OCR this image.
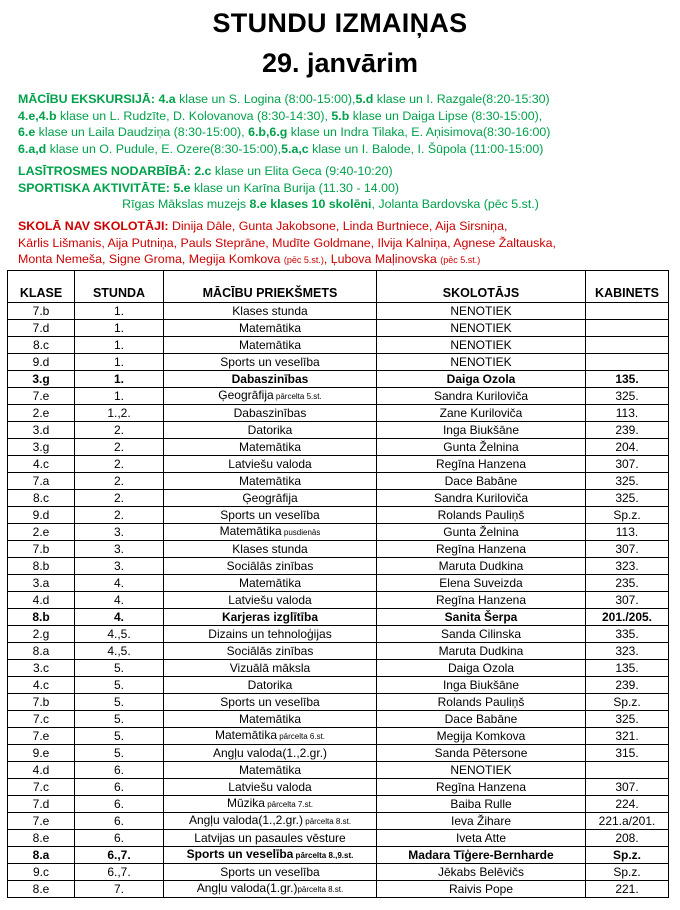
STUNDU IZMAIŅAS
29. janvārim

MĀCĪBU EKSKURSIJĀ: 4.a klase un S. Logina (8:00-15:00),5.d klase un I. Razgale(8:20-15:30)

4.e,4.b klase un L. Rudzīte, D. Kolovanova (8:30-14:30), 5.b klase un Daiga Lipse (8:30-15:00),

6.e klase un Laila Daudziņa (8:30-15:00), 6.b,6.g klase un Indra Tilaka, E. Aņisimova(8:30-16:00)

6.a,d klase un O. Pudule, E. Ozere(8:30-15:00),5.a,c klase un I. Balode, I. Šūpola (11:00-15:00)

LASĪTROSMES NODARBĪBĀ: 2.c klase un Elita Geca (9:40-10:20)

SPORTISKA AKTIVITĀTE: 5.e klase un Karīna Burija (11.30 - 14.00)

Rīgas Mākslas muzejs 8.e klases 10 skolēni, Jolanta Bardovska (pēc 5.st.)

SKOLĀ NAV SKOLOTĀJI: Dinija Dāle, Gunta Jakobsone, Linda Burtniece, Aija Sirsniņa,

Kārlis Lišmanis, Aija Putniņa, Pauls Steprāne, Mudīte Goldmane, Ilvija Kalniņa, Agnese Žaltauska,

Monta Nemeša, Signe Groma, Megija Komkova (pēc 5.st.), Ļubova Maļinovska (pēc 5.st.)

KLASE	STUNDA	MĀCĪBU PRIEKŠMETS	SKOLOTĀJS	KABINETS
7.b	1.	Klases stunda	NENOTIEK	
7.d	1.	Matemātika	NENOTIEK	
8.c	1.	Matemātika	NENOTIEK	
9.d	1.	Sports un veselība	NENOTIEK	
3.g	1.	Dabaszinības	Daiga Ozola	135.
7.e	1.	Ģeogrāfija pārcelta 5.st.	Sandra Kuriloviča	325.
2.e	1.,2.	Dabaszinības	Zane Kuriloviča	113.
3.d	2.	Datorika	Inga Biukšāne	239.
3.g	2.	Matemātika	Gunta Želnina	204.
4.c	2.	Latviešu valoda	Regīna Hanzena	307.
7.a	2.	Matemātika	Dace Babāne	325.
8.c	2.	Ģeogrāfija	Sandra Kuriloviča	325.
9.d	2.	Sports un veselība	Rolands Pauliņš	Sp.z.
2.e	3.	Matemātika pusdienās	Gunta Želnina	113.
7.b	3.	Klases stunda	Regīna Hanzena	307.
8.b	3.	Sociālās zinības	Maruta Dudkina	323.
3.a	4.	Matemātika	Elena Suveizda	235.
4.d	4.	Latviešu valoda	Regīna Hanzena	307.
8.b	4.	Karjeras izglītība	Sanita Šerpa	201./205.
2.g	4.,5.	Dizains un tehnoloģijas	Sanda Cilinska	335.
8.a	4.,5.	Sociālās zinības	Maruta Dudkina	323.
3.c	5.	Vizuālā māksla	Daiga Ozola	135.
4.c	5.	Datorika	Inga Biukšāne	239.
7.b	5.	Sports un veselība	Rolands Pauliņš	Sp.z.
7.c	5.	Matemātika	Dace Babāne	325.
7.e	5.	Matemātika pārcelta 6.st.	Megija Komkova	321.
9.e	5.	Angļu valoda(1.,2.gr.)	Sanda Pētersone	315.
4.d	6.	Matemātika	NENOTIEK	
7.c	6.	Latviešu valoda	Regīna Hanzena	307.
7.d	6.	Mūzika pārcelta 7.st.	Baiba Rulle	224.
7.e	6.	Angļu valoda(1.,2.gr.) pārcelta 8.st.	Ieva Žihare	221.a/201.
8.e	6.	Latvijas un pasaules vēsture	Iveta Atte	208.
8.a	6.,7.	Sports un veselība pārcelta 8.,9.st.	Madara Tīģere-Bernharde	Sp.z.
9.c	6.,7.	Sports un veselība	Jēkabs Belēvičs	Sp.z.
8.e	7.	Angļu valoda(1.gr.)pārcelta 8.st.	Raivis Pope	221.
